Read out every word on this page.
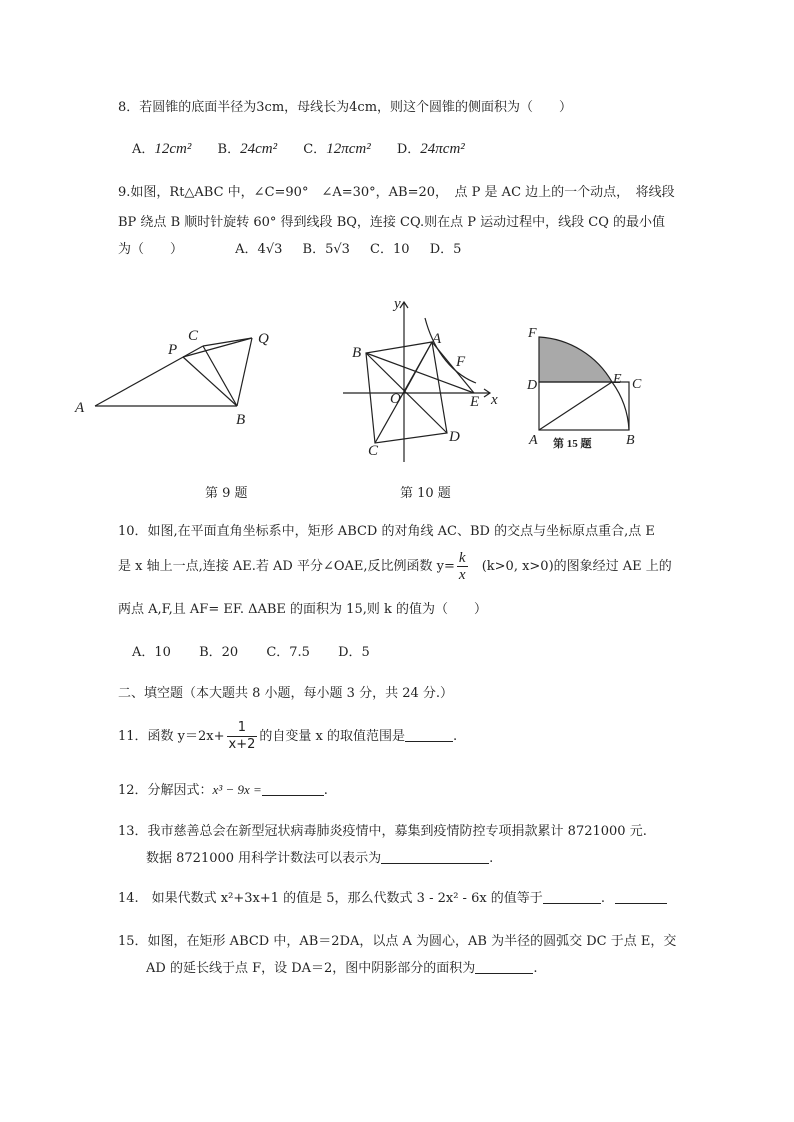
8．若圆锥的底面半径为3cm，母线长为4cm，则这个圆锥的侧面积为（　　）
A．12cm² B．24cm² C．12πcm² D．24πcm²
9.如图，Rt△ABC 中，∠C=90°　∠A=30°，AB=20，　点 P 是 AC 边上的一个动点，　将线段
BP 绕点 B 顺时针旋转 60° 得到线段 BQ，连接 CQ.则在点 P 运动过程中，线段 CQ 的最小值
为（　　）	A．4√3 B．5√3 C．10 D．5
A
B
C
P
Q
y
x
A
B
C
D
E
F
O
F
D	E C
A	B
第 15 题
第 9 题	第 10 题
10．如图,在平面直角坐标系中，矩形 ABCD 的对角线 AC、BD 的交点与坐标原点重合,点 E
是 x 轴上一点,连接 AE.若 AD 平分∠OAE,反比例函数 $y= \frac{k}{x} (k>0$, x>0)的图象经过 AE 上的
两点 A,F,且 AF= EF. ΔABE 的面积为 15,则 k 的值为（　　）
A．10 B．20 C．7.5 D．5
二、填空题（本大题共 8 小题，每小题 3 分，共 24 分.）
11．函数 $y=2x+ \frac{1}{x+2}$ 的自变量 x 的取值范围是	.
12．分解因式：x³ − 9x =	.
13．我市慈善总会在新型冠状病毒肺炎疫情中，募集到疫情防控专项捐款累计 8721000 元.
数据 8721000 用科学计数法可以表示为	.
14.　如果代数式 x²+3x+1 的值是 5，那么代数式 3 - 2x² - 6x 的值等于	.
15．如图，在矩形 ABCD 中，AB＝2DA，以点 A 为圆心，AB 为半径的圆弧交 DC 于点 E，交
AD 的延长线于点 F，设 DA＝2，图中阴影部分的面积为	.
